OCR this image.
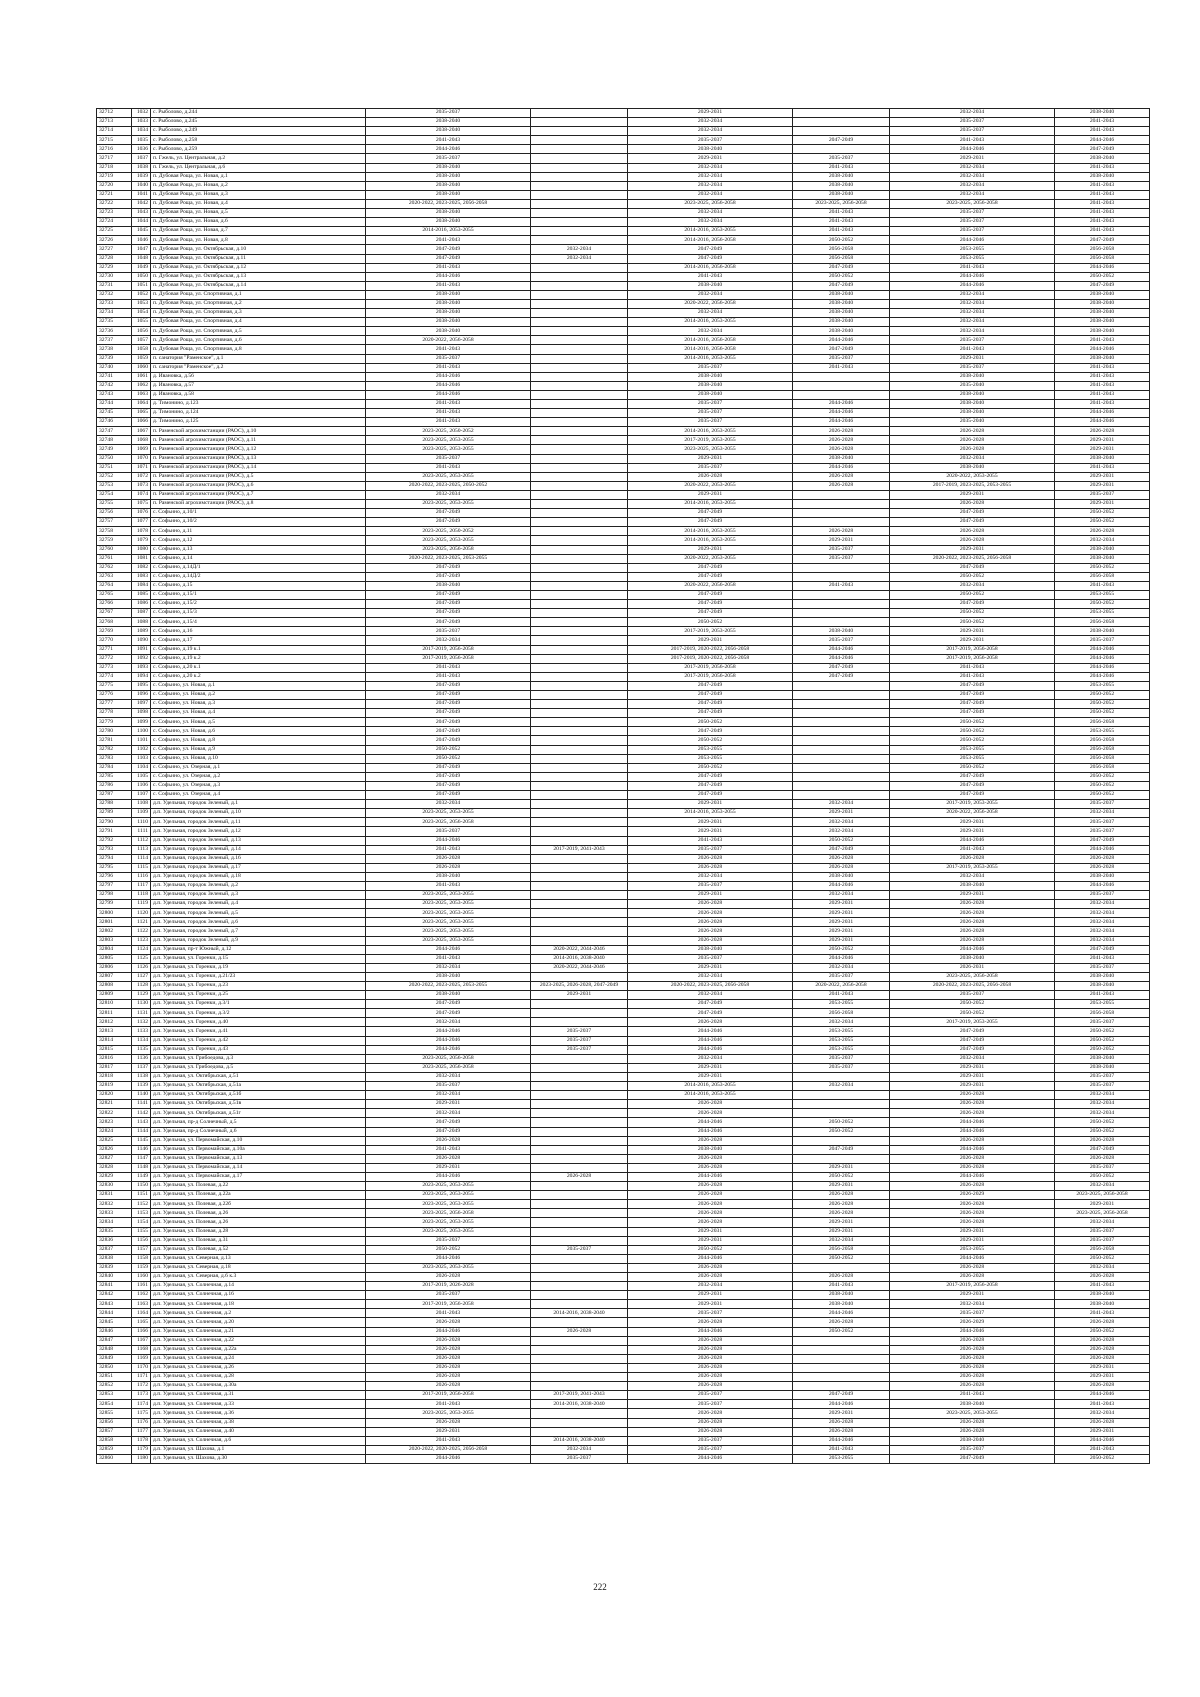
32712	1032	с. Рыболово, д.244	2035-2037		2029-2031		2032-2034	2038-2040
32713	1033	с. Рыболово, д.245	2038-2040		2032-2034		2035-2037	2041-2043
32714	1034	с. Рыболово, д.249	2038-2040		2032-2034		2035-2037	2041-2043
32715	1035	с. Рыболово, д.258	2041-2043		2035-2037	2047-2049	2041-2043	2044-2046
32716	1036	с. Рыболово, д.259	2044-2046		2038-2040		2044-2046	2047-2049
32717	1037	п. Гжель, ул. Центральная, д.2	2035-2037		2029-2031	2035-2037	2029-2031	2038-2040
32718	1038	п. Гжель, ул. Центральная, д.6	2038-2040		2032-2034	2041-2043	2032-2034	2041-2043
32719	1039	п. Дубовая Роща, ул. Новая, д.1	2038-2040		2032-2034	2038-2040	2032-2034	2038-2040
32720	1040	п. Дубовая Роща, ул. Новая, д.2	2038-2040		2032-2034	2038-2040	2032-2034	2041-2043
32721	1041	п. Дубовая Роща, ул. Новая, д.3	2038-2040		2032-2034	2038-2040	2032-2034	2041-2043
32722	1042	п. Дубовая Роща, ул. Новая, д.4	2020-2022, 2023-2025, 2056-2058		2023-2025, 2056-2058	2023-2025, 2056-2058	2023-2025, 2056-2058	2041-2043
32723	1043	п. Дубовая Роща, ул. Новая, д.5	2038-2040		2032-2034	2041-2043	2035-2037	2041-2043
32724	1044	п. Дубовая Роща, ул. Новая, д.6	2038-2040		2032-2034	2041-2043	2035-2037	2041-2043
32725	1045	п. Дубовая Роща, ул. Новая, д.7	2014-2016, 2053-2055		2014-2016, 2053-2055	2041-2043	2035-2037	2041-2043
32726	1046	п. Дубовая Роща, ул. Новая, д.8	2041-2043		2014-2016, 2056-2058	2050-2052	2044-2046	2047-2049
32727	1047	п. Дубовая Роща, ул. Октябрьская, д.10	2047-2049	2032-2034	2047-2049	2056-2058	2053-2055	2056-2058
32728	1048	п. Дубовая Роща, ул. Октябрьская, д.11	2047-2049	2032-2034	2047-2049	2056-2058	2053-2055	2056-2058
32729	1049	п. Дубовая Роща, ул. Октябрьская, д.12	2041-2043		2014-2016, 2056-2058	2047-2049	2041-2043	2044-2046
32730	1050	п. Дубовая Роща, ул. Октябрьская, д.13	2044-2046		2041-2043	2050-2052	2044-2046	2050-2052
32731	1051	п. Дубовая Роща, ул. Октябрьская, д.14	2041-2043		2038-2040	2047-2049	2044-2046	2047-2049
32732	1052	п. Дубовая Роща, ул. Спортивная, д.1	2038-2040		2032-2034	2038-2040	2032-2034	2038-2040
32733	1053	п. Дубовая Роща, ул. Спортивная, д.2	2038-2040		2020-2022, 2056-2058	2038-2040	2032-2034	2038-2040
32734	1054	п. Дубовая Роща, ул. Спортивная, д.3	2038-2040		2032-2034	2038-2040	2032-2034	2038-2040
32735	1055	п. Дубовая Роща, ул. Спортивная, д.4	2038-2040		2014-2016, 2053-2055	2038-2040	2032-2034	2038-2040
32736	1056	п. Дубовая Роща, ул. Спортивная, д.5	2038-2040		2032-2034	2038-2040	2032-2034	2038-2040
32737	1057	п. Дубовая Роща, ул. Спортивная, д.6	2020-2022, 2056-2058		2014-2016, 2056-2058	2044-2046	2035-2037	2041-2043
32738	1058	п. Дубовая Роща, ул. Спортивная, д.8	2041-2043		2014-2016, 2056-2058	2047-2049	2041-2043	2044-2046
32739	1059	п. санатория "Раменское", д.1	2035-2037		2014-2016, 2053-2055	2035-2037	2029-2031	2038-2040
32740	1060	п. санатория "Раменское", д.2	2041-2043		2035-2037	2041-2043	2035-2037	2041-2043
32741	1061	д. Ивановка, д.56	2044-2046		2038-2040		2038-2040	2041-2043
32742	1062	д. Ивановка, д.57	2044-2046		2038-2040		2035-2040	2041-2043
32743	1063	д. Ивановка, д.58	2044-2046		2038-2040		2038-2040	2041-2043
32744	1064	д. Тимонино, д.123	2041-2043		2035-2037	2044-2046	2038-2040	2041-2043
32745	1065	д. Тимонино, д.124	2041-2043		2035-2037	2044-2046	2038-2040	2044-2046
32746	1066	д. Тимонино, д.125	2041-2043		2035-2037	2044-2046	2035-2040	2044-2046
32747	1067	п. Раменской агрохимстанции (РАОС), д.10	2023-2025, 2050-2052		2014-2016, 2053-2055	2026-2028	2026-2028	2026-2028
32748	1068	п. Раменской агрохимстанции (РАОС), д.11	2023-2025, 2053-2055		2017-2019, 2053-2055	2026-2028	2026-2028	2029-2031
32749	1069	п. Раменской агрохимстанции (РАОС), д.12	2023-2025, 2053-2055		2023-2025, 2053-2055	2026-2028	2026-2028	2029-2031
32750	1070	п. Раменской агрохимстанции (РАОС), д.13	2035-2037		2029-2031	2038-2040	2032-2034	2038-2040
32751	1071	п. Раменской агрохимстанции (РАОС), д.14	2041-2043		2035-2037	2044-2046	2038-2040	2041-2043
32752	1072	п. Раменской агрохимстанции (РАОС), д.5	2023-2025, 2053-2055		2026-2028	2026-2028	2020-2022, 2053-2055	2029-2031
32753	1073	п. Раменской агрохимстанции (РАОС), д.6	2020-2022, 2023-2025, 2050-2052		2020-2022, 2053-2055	2026-2028	2017-2019, 2023-2025, 2053-2055	2029-2031
32754	1074	п. Раменской агрохимстанции (РАОС), д.7	2032-2034		2029-2031		2029-2031	2035-2037
32755	1075	п. Раменской агрохимстанции (РАОС), д.8	2023-2025, 2053-2055		2014-2016, 2053-2055		2026-2028	2029-2031
32756	1076	с. Софьино, д.10/1	2047-2049		2047-2049		2047-2049	2050-2052
32757	1077	с. Софьино, д.10/2	2047-2049		2047-2049		2047-2049	2050-2052
32758	1078	с. Софьино, д.11	2023-2025, 2050-2052		2014-2016, 2053-2055	2026-2028	2026-2028	2026-2028
32759	1079	с. Софьино, д.12	2023-2025, 2053-2055		2014-2016, 2053-2055	2029-2031	2026-2028	2032-2034
32760	1080	с. Софьино, д.13	2023-2025, 2056-2058		2029-2031	2035-2037	2029-2031	2038-2040
32761	1081	с. Софьино, д.14	2020-2022, 2023-2025, 2053-2055		2020-2022, 2053-2055	2035-2037	2020-2022, 2023-2025, 2056-2058	2038-2040
32762	1082	с. Софьино, д.14Д/1	2047-2049		2047-2049		2047-2049	2050-2052
32763	1083	с. Софьино, д.14Д/2	2047-2049		2047-2049		2050-2052	2056-2058
32764	1084	с. Софьино, д.15	2038-2040		2020-2022, 2056-2058	2041-2043	2032-2034	2041-2043
32765	1085	с. Софьино, д.15/1	2047-2049		2047-2049		2050-2052	2053-2055
32766	1086	с. Софьино, д.15/2	2047-2049		2047-2049		2047-2049	2050-2052
32767	1087	с. Софьино, д.15/3	2047-2049		2047-2049		2050-2052	2053-2055
32768	1088	с. Софьино, д.15/4	2047-2049		2050-2052		2050-2052	2056-2058
32769	1089	с. Софьино, д.16	2035-2037		2017-2019, 2053-2055	2038-2040	2029-2031	2038-2040
32770	1090	с. Софьино, д.17	2032-2034		2029-2031	2035-2037	2029-2031	2035-2037
32771	1091	с. Софьино, д.19 к.1	2017-2019, 2056-2058		2017-2019, 2020-2022, 2056-2058	2044-2046	2017-2019, 2056-2058	2044-2046
32772	1092	с. Софьино, д.19 к.2	2017-2019, 2056-2058		2017-2019, 2020-2022, 2056-2058	2044-2046	2017-2019, 2056-2058	2044-2046
32773	1093	с. Софьино, д.20 к.1	2041-2043		2017-2019, 2056-2058	2047-2049	2041-2043	2044-2046
32774	1094	с. Софьино, д.20 к.2	2041-2043		2017-2019, 2056-2058	2047-2049	2041-2043	2044-2046
32775	1095	с. Софьино, ул. Новая, д.1	2047-2049		2047-2049		2047-2049	2053-2055
32776	1096	с. Софьино, ул. Новая, д.2	2047-2049		2047-2049		2047-2049	2050-2052
32777	1097	с. Софьино, ул. Новая, д.3	2047-2049		2047-2049		2047-2049	2050-2052
32778	1098	с. Софьино, ул. Новая, д.4	2047-2049		2047-2049		2047-2049	2050-2052
32779	1099	с. Софьино, ул. Новая, д.5	2047-2049		2050-2052		2050-2052	2056-2058
32780	1100	с. Софьино, ул. Новая, д.6	2047-2049		2047-2049		2050-2052	2053-2055
32781	1101	с. Софьино, ул. Новая, д.8	2047-2049		2050-2052		2050-2052	2056-2058
32782	1102	с. Софьино, ул. Новая, д.9	2050-2052		2053-2055		2053-2055	2056-2058
32783	1103	с. Софьино, ул. Новая, д.10	2050-2052		2053-2055		2053-2055	2056-2058
32784	1104	с. Софьино, ул. Озерная, д.1	2047-2049		2050-2052		2050-2052	2056-2058
32785	1105	с. Софьино, ул. Озерная, д.2	2047-2049		2047-2049		2047-2049	2050-2052
32786	1106	с. Софьино, ул. Озерная, д.3	2047-2049		2047-2049		2047-2049	2050-2052
32787	1107	с. Софьино, ул. Озерная, д.4	2047-2049		2047-2049		2047-2049	2050-2052
32788	1108	д.п. Удельная, городок Зеленый, д.1	2032-2034		2029-2031	2032-2034	2017-2019, 2053-2055	2035-2037
32789	1109	д.п. Удельная, городок Зеленый, д.10	2023-2025, 2053-2055		2014-2016, 2053-2055	2029-2031	2020-2022, 2056-2058	2032-2034
32790	1110	д.п. Удельная, городок Зеленый, д.11	2023-2025, 2056-2058		2029-2031	2032-2034	2029-2031	2035-2037
32791	1111	д.п. Удельная, городок Зеленый, д.12	2035-2037		2029-2031	2032-2034	2029-2031	2035-2037
32792	1112	д.п. Удельная, городок Зеленый, д.13	2044-2046		2041-2043	2050-2052	2044-2046	2047-2049
32793	1113	д.п. Удельная, городок Зеленый, д.14	2041-2043	2017-2019, 2041-2043	2035-2037	2047-2049	2041-2043	2044-2046
32794	1114	д.п. Удельная, городок Зеленый, д.16	2026-2028		2026-2028	2026-2028	2026-2028	2026-2028
32795	1115	д.п. Удельная, городок Зеленый, д.17	2026-2028		2026-2028	2026-2028	2017-2019, 2053-2055	2026-2028
32796	1116	д.п. Удельная, городок Зеленый, д.18	2038-2040		2032-2034	2038-2040	2032-2034	2038-2040
32797	1117	д.п. Удельная, городок Зеленый, д.2	2041-2043		2035-2037	2044-2046	2038-2040	2044-2046
32798	1118	д.п. Удельная, городок Зеленый, д.3	2023-2025, 2053-2055		2029-2031	2032-2034	2029-2031	2035-2037
32799	1119	д.п. Удельная, городок Зеленый, д.4	2023-2025, 2053-2055		2026-2028	2029-2031	2026-2028	2032-2034
32800	1120	д.п. Удельная, городок Зеленый, д.5	2023-2025, 2053-2055		2026-2028	2029-2031	2026-2028	2032-2034
32801	1121	д.п. Удельная, городок Зеленый, д.6	2023-2025, 2053-2055		2026-2028	2029-2031	2026-2028	2032-2034
32802	1122	д.п. Удельная, городок Зеленый, д.7	2023-2025, 2053-2055		2026-2028	2029-2031	2026-2028	2032-2034
32803	1123	д.п. Удельная, городок Зеленый, д.9	2023-2025, 2053-2055		2026-2028	2029-2031	2026-2028	2032-2034
32804	1124	д.п. Удельная, пр-т Южный, д.12	2044-2046	2020-2022, 2044-2046	2038-2040	2050-2052	2044-2046	2047-2049
32805	1125	д.п. Удельная, ул. Горенки, д.15	2041-2043	2014-2016, 2038-2040	2035-2037	2044-2046	2038-2040	2041-2043
32806	1126	д.п. Удельная, ул. Горенки, д.19	2032-2034	2020-2022, 2044-2046	2029-2031	2032-2034	2026-2031	2035-2037
32807	1127	д.п. Удельная, ул. Горенки, д.21/23	2038-2040		2032-2034	2035-2037	2023-2025, 2056-2058	2038-2040
32808	1128	д.п. Удельная, ул. Горенки, д.23	2020-2022, 2023-2025, 2053-2055	2023-2025, 2026-2028, 2047-2049	2020-2022, 2023-2025, 2056-2058	2020-2022, 2056-2058	2020-2022, 2023-2025, 2056-2058	2038-2040
32809	1129	д.п. Удельная, ул. Горенки, д.25	2038-2040	2029-2031	2032-2034	2041-2043	2035-2037	2041-2043
32810	1130	д.п. Удельная, ул. Горенки, д.3/1	2047-2049		2047-2049	2053-2055	2050-2052	2053-2055
32811	1131	д.п. Удельная, ул. Горенки, д.3/2	2047-2049		2047-2049	2056-2058	2050-2052	2056-2058
32812	1132	д.п. Удельная, ул. Горенки, д.40	2032-2034		2026-2028	2032-2034	2017-2019, 2053-2055	2035-2037
32813	1133	д.п. Удельная, ул. Горенки, д.41	2044-2046	2035-2037	2044-2046	2053-2055	2047-2049	2050-2052
32814	1134	д.п. Удельная, ул. Горенки, д.42	2044-2046	2035-2037	2044-2046	2053-2055	2047-2049	2050-2052
32815	1135	д.п. Удельная, ул. Горенки, д.43	2044-2046	2035-2037	2044-2046	2053-2055	2047-2049	2050-2052
32816	1136	д.п. Удельная, ул. Грибоедова, д.3	2023-2025, 2056-2058		2032-2034	2035-2037	2032-2034	2038-2040
32817	1137	д.п. Удельная, ул. Грибоедова, д.5	2023-2025, 2056-2058		2029-2031	2035-2037	2029-2031	2038-2040
32818	1138	д.п. Удельная, ул. Октябрьская, д.51	2032-2034		2029-2031		2029-2031	2035-2037
32819	1139	д.п. Удельная, ул. Октябрьская, д.51а	2035-2037		2014-2016, 2053-2055	2032-2034	2029-2031	2035-2037
32820	1140	д.п. Удельная, ул. Октябрьская, д.51б	2032-2034		2014-2016, 2053-2055		2026-2028	2032-2034
32821	1141	д.п. Удельная, ул. Октябрьская, д.51в	2029-2031		2026-2028		2026-2028	2032-2034
32822	1142	д.п. Удельная, ул. Октябрьская, д.51г	2032-2034		2026-2028		2026-2028	2032-2034
32823	1143	д.п. Удельная, пр-д Солнечный, д.5	2047-2049		2044-2046	2050-2052	2044-2046	2050-2052
32824	1144	д.п. Удельная, пр-д Солнечный, д.6	2047-2049		2044-2046	2050-2052	2044-2046	2050-2052
32825	1145	д.п. Удельная, ул. Первомайская, д.10	2026-2028		2026-2028		2026-2028	2026-2028
32826	1146	д.п. Удельная, ул. Первомайская, д.10а	2041-2043		2038-2040	2047-2049	2044-2046	2047-2049
32827	1147	д.п. Удельная, ул. Первомайская, д.13	2026-2028		2026-2028		2026-2028	2026-2028
32828	1148	д.п. Удельная, ул. Первомайская, д.14	2029-2031		2026-2028	2029-2031	2026-2028	2035-2037
32829	1149	д.п. Удельная, ул. Первомайская, д.17	2044-2046	2026-2028	2044-2046	2050-2052	2044-2046	2050-2052
32830	1150	д.п. Удельная, ул. Полевая, д.22	2023-2025, 2053-2055		2026-2028	2029-2031	2026-2028	2032-2034
32831	1151	д.п. Удельная, ул. Полевая, д.22а	2023-2025, 2053-2055		2026-2028	2026-2028	2026-2029	2023-2025, 2056-2058
32832	1152	д.п. Удельная, ул. Полевая, д.22б	2023-2025, 2053-2055		2026-2028	2026-2028	2026-2028	2029-2031
32833	1153	д.п. Удельная, ул. Полевая, д.26	2023-2025, 2056-2058		2026-2028	2026-2028	2026-2028	2023-2025, 2056-2058
32834	1154	д.п. Удельная, ул. Полевая, д.26	2023-2025, 2053-2055		2026-2028	2029-2031	2026-2028	2032-2034
32835	1155	д.п. Удельная, ул. Полевая, д.28	2023-2025, 2053-2055		2029-2031	2029-2031	2029-2031	2035-2037
32836	1156	д.п. Удельная, ул. Полевая, д.31	2035-2037		2029-2031	2032-2034	2029-2031	2035-2037
32837	1157	д.п. Удельная, ул. Полевая, д.52	2050-2052	2035-2037	2050-2052	2056-2058	2053-2055	2056-2058
32838	1158	д.п. Удельная, ул. Северная, д.13	2044-2046		2044-2046	2050-2052	2044-2046	2050-2052
32839	1159	д.п. Удельная, ул. Северная, д.18	2023-2025, 2053-2055		2026-2028		2026-2028	2032-2034
32840	1160	д.п. Удельная, ул. Северная, д.6 к.3	2026-2028		2026-2028	2026-2028	2026-2028	2026-2028
32841	1161	д.п. Удельная, ул. Солнечная, д.14	2017-2019, 2026-2028		2032-2034	2041-2043	2017-2019, 2056-2058	2041-2043
32842	1162	д.п. Удельная, ул. Солнечная, д.16	2035-2037		2029-2031	2038-2040	2029-2031	2038-2040
32843	1163	д.п. Удельная, ул. Солнечная, д.18	2017-2019, 2056-2058		2029-2031	2038-2040	2032-2034	2038-2040
32844	1164	д.п. Удельная, ул. Солнечная, д.2	2041-2043	2014-2016, 2038-2040	2035-2037	2044-2046	2035-2037	2041-2043
32845	1165	д.п. Удельная, ул. Солнечная, д.20	2026-2028		2026-2028	2026-2028	2026-2029	2026-2028
32846	1166	д.п. Удельная, ул. Солнечная, д.21	2044-2046	2026-2028	2044-2046	2050-2052	2044-2046	2050-2052
32847	1167	д.п. Удельная, ул. Солнечная, д.22	2026-2028		2026-2028		2026-2028	2026-2028
32848	1168	д.п. Удельная, ул. Солнечная, д.22а	2026-2028		2026-2028		2026-2028	2026-2028
32849	1169	д.п. Удельная, ул. Солнечная, д.24	2026-2028		2026-2028		2026-2028	2026-2028
32850	1170	д.п. Удельная, ул. Солнечная, д.26	2026-2028		2026-2028		2026-2028	2029-2031
32851	1171	д.п. Удельная, ул. Солнечная, д.28	2026-2028		2026-2028		2026-2028	2029-2031
32852	1172	д.п. Удельная, ул. Солнечная, д.30а	2026-2028		2026-2028		2026-2028	2026-2028
32853	1173	д.п. Удельная, ул. Солнечная, д.31	2017-2019, 2056-2058	2017-2019, 2041-2043	2035-2037	2047-2049	2041-2043	2044-2046
32854	1174	д.п. Удельная, ул. Солнечная, д.33	2041-2043	2014-2016, 2038-2040	2035-2037	2044-2046	2038-2040	2041-2043
32855	1175	д.п. Удельная, ул. Солнечная, д.36	2023-2025, 2053-2055		2026-2028	2029-2031	2023-2025, 2053-2055	2032-2034
32856	1176	д.п. Удельная, ул. Солнечная, д.38	2026-2028		2026-2028	2026-2028	2026-2028	2026-2028
32857	1177	д.п. Удельная, ул. Солнечная, д.40	2029-2031		2026-2028	2026-2028	2026-2028	2029-2031
32858	1178	д.п. Удельная, ул. Солнечная, д.6	2041-2043	2014-2016, 2038-2040	2035-2037	2044-2046	2038-2040	2044-2046
32859	1179	д.п. Удельная, ул. Шахова, д.1	2020-2022, 2020-2025, 2056-2058	2032-2034	2035-2037	2041-2043	2035-2037	2041-2043
32860	1180	д.п. Удельная, ул. Шахова, д.30	2044-2046	2035-2037	2044-2046	2053-2055	2047-2049	2050-2052
222
